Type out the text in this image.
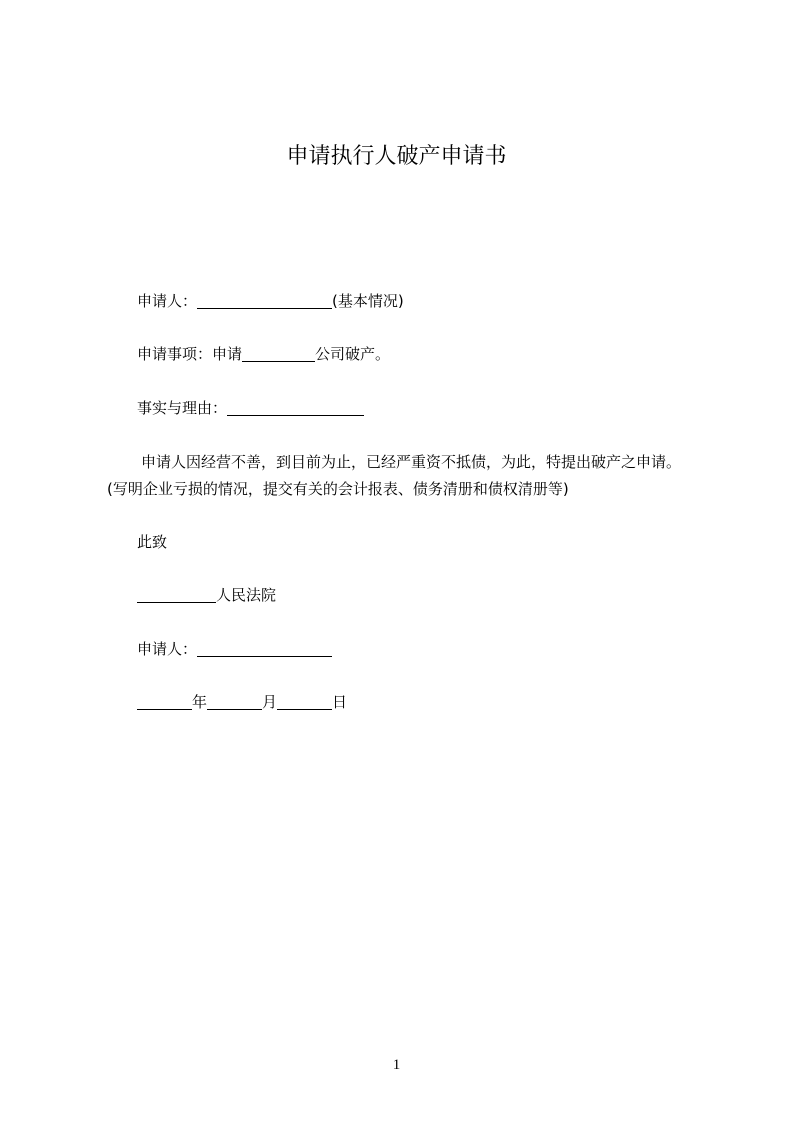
申请执行人破产申请书
申请人：	(基本情况)
申请事项：申请	公司破产。
事实与理由：
申请人因经营不善，到目前为止，已经严重资不抵债，为此，特提出破产之申请。
(写明企业亏损的情况，提交有关的会计报表、债务清册和债权清册等)
此致
人民法院
申请人：
年	月	日
1
